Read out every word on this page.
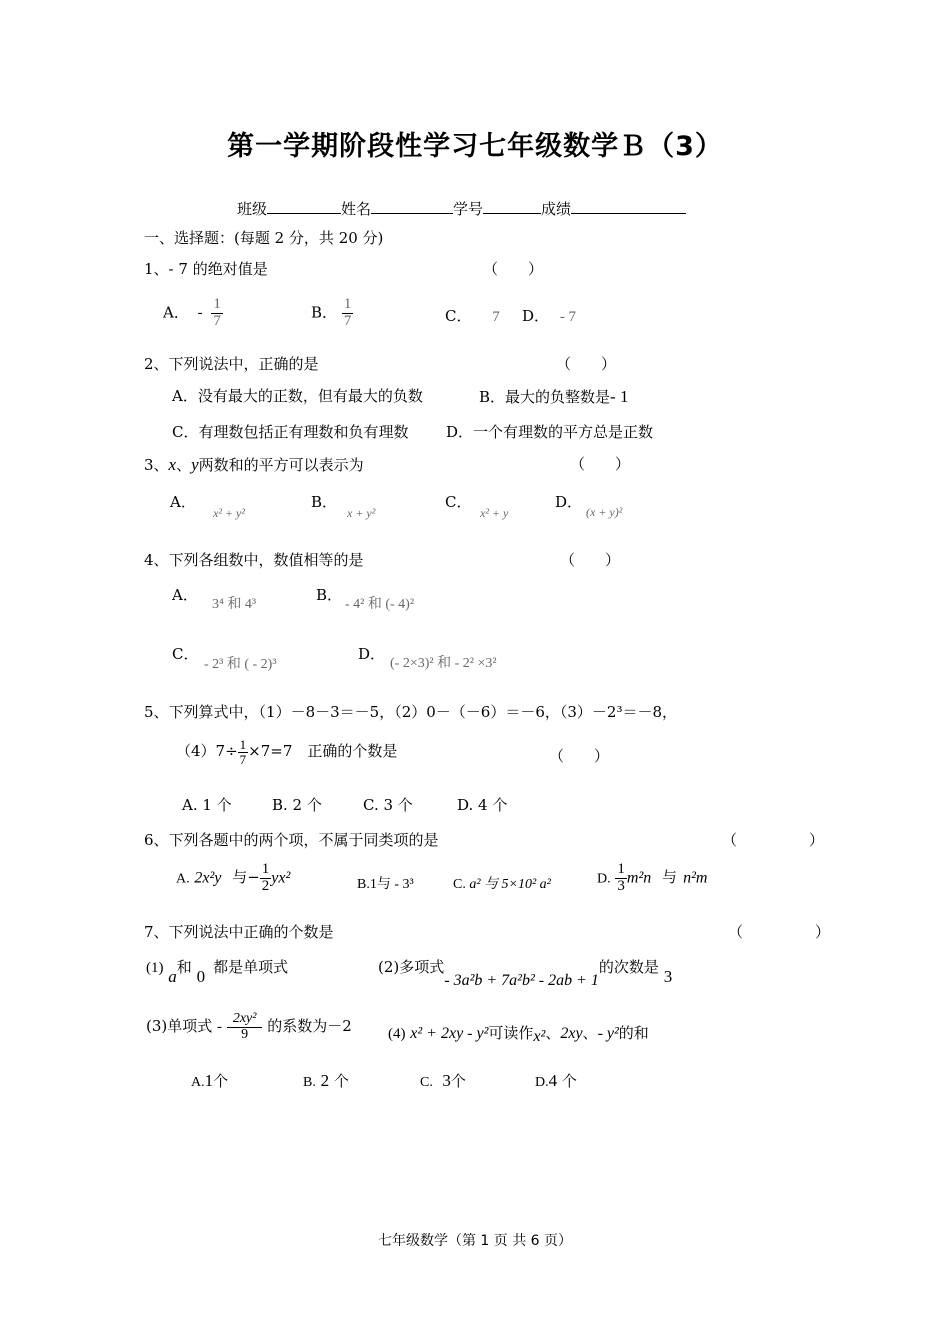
第一学期阶段性学习七年级数学Ｂ（3）
班级	姓名	学号	成绩
一、选择题：(每题 2 分，共 20 分)
1、- 7 的绝对值是	（　　）
A． - $\frac{1}{7}$	B． $\frac{1}{7}$	C． 7 D． - 7
2、下列说法中，正确的是	（　　）
A．没有最大的正数，但有最大的负数	B．最大的负整数是- 1
C．有理数包括正有理数和负有理数	D．一个有理数的平方总是正数
3、x、y两数和的平方可以表示为	（　　）
A．
x² + y²
B．
x + y²
C．
x² + y
D．
(x + y)²
4、下列各组数中，数值相等的是	（　　）
A．
3⁴ 和 4³
B．
- 4² 和 (- 4)²
C．
- 2³ 和 ( - 2)³
D．
(- 2×3)² 和 - 2² ×3²
5、下列算式中，（1）－8－3＝－5，（2）0－（－6）＝－6，（3）－2³＝－8，
$(4)7\div \frac{1}{7} \times 7=7$　正确的个数是	（　　）
A. 1 个	B. 2 个	C. 3 个	D. 4 个
6、下列各题中的两个项，不属于同类项的是	（　　）
A. 2x²y 与− $\frac{1}{2} yx^2$	B.1与 - 3³	C. a² 与 5×10² a²	D. $\frac{1}{3} m^2n$ 与 n²m
7、下列说法中正确的个数是	（　　）
(1) a和 0 都是单项式	(2)多项式- 3a²b + 7a²b² - 2ab + 1的次数是 3
(3)单项式 - $\frac{\text{2xy²}}{9}$ 的系数为－2 (4) x² + 2xy - y²可读作x²、2xy、- y²的和
A.1个	B. 2 个	C. 3个	D.4 个
七年级数学（第 1 页 共 6 页）
